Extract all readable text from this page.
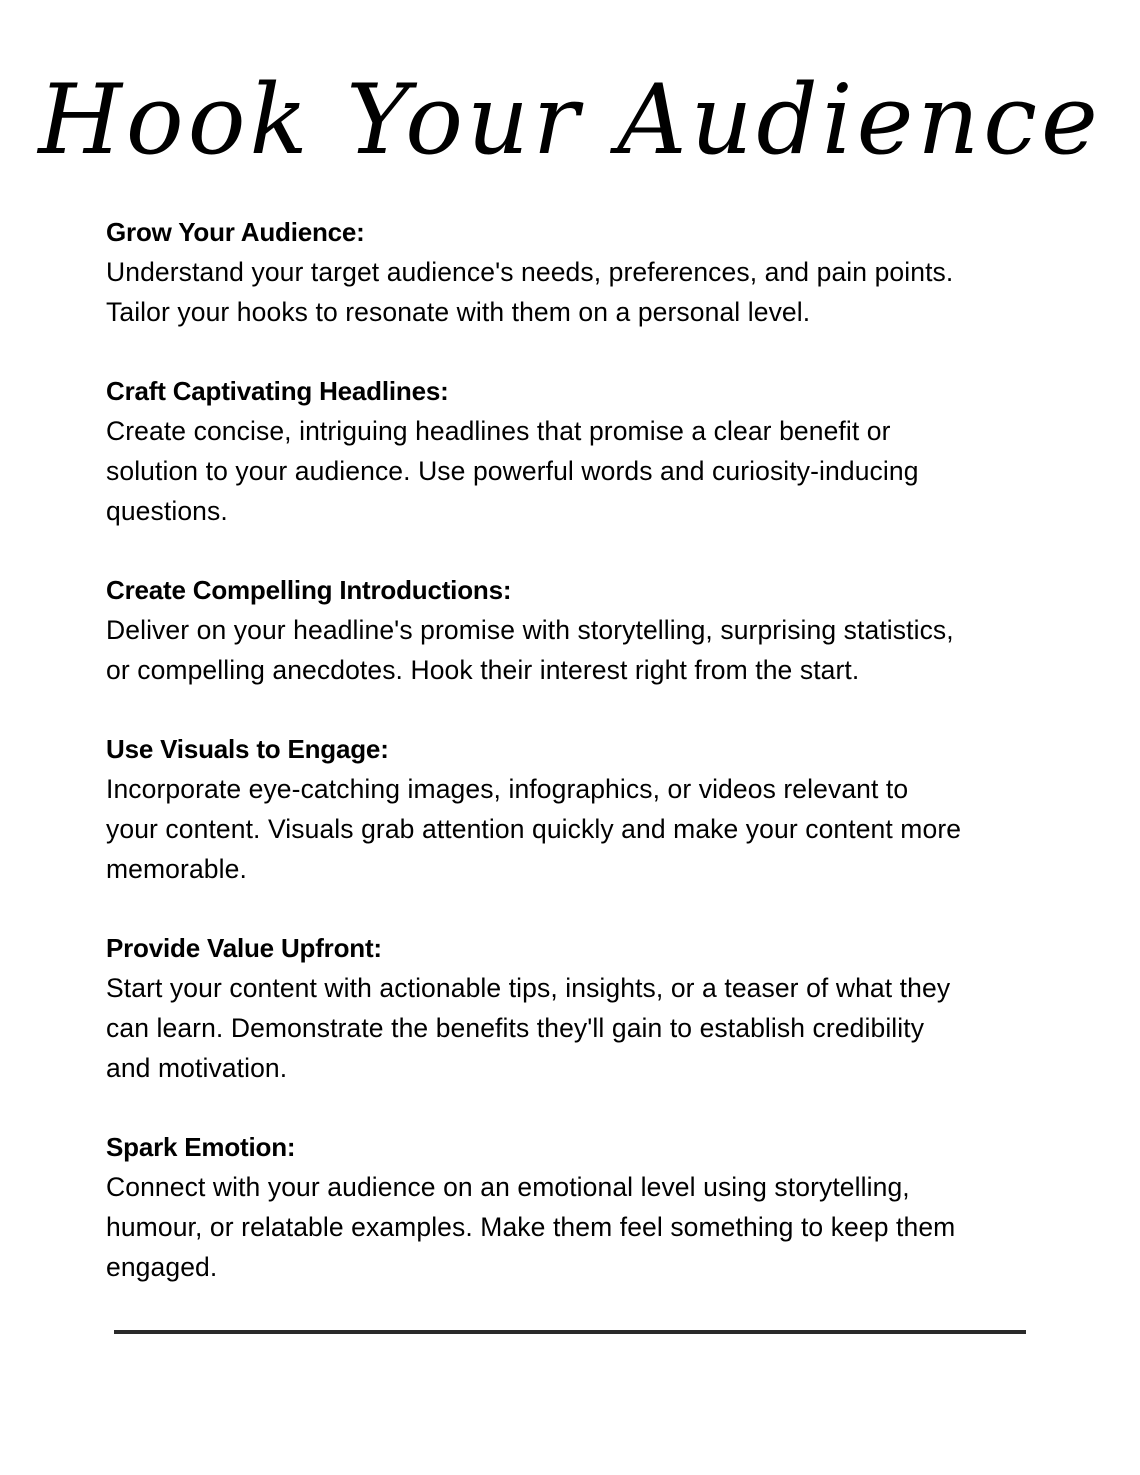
Hook Your Audience

Grow Your Audience:

Understand your target audience's needs, preferences, and pain points.
Tailor your hooks to resonate with them on a personal level.

Craft Captivating Headlines:

Create concise, intriguing headlines that promise a clear benefit or
solution to your audience. Use powerful words and curiosity-inducing
questions.

Create Compelling Introductions:

Deliver on your headline's promise with storytelling, surprising statistics,
or compelling anecdotes. Hook their interest right from the start.

Use Visuals to Engage:

Incorporate eye-catching images, infographics, or videos relevant to
your content. Visuals grab attention quickly and make your content more
memorable.

Provide Value Upfront:

Start your content with actionable tips, insights, or a teaser of what they
can learn. Demonstrate the benefits they'll gain to establish credibility
and motivation.

Spark Emotion:

Connect with your audience on an emotional level using storytelling,
humour, or relatable examples. Make them feel something to keep them
engaged.
